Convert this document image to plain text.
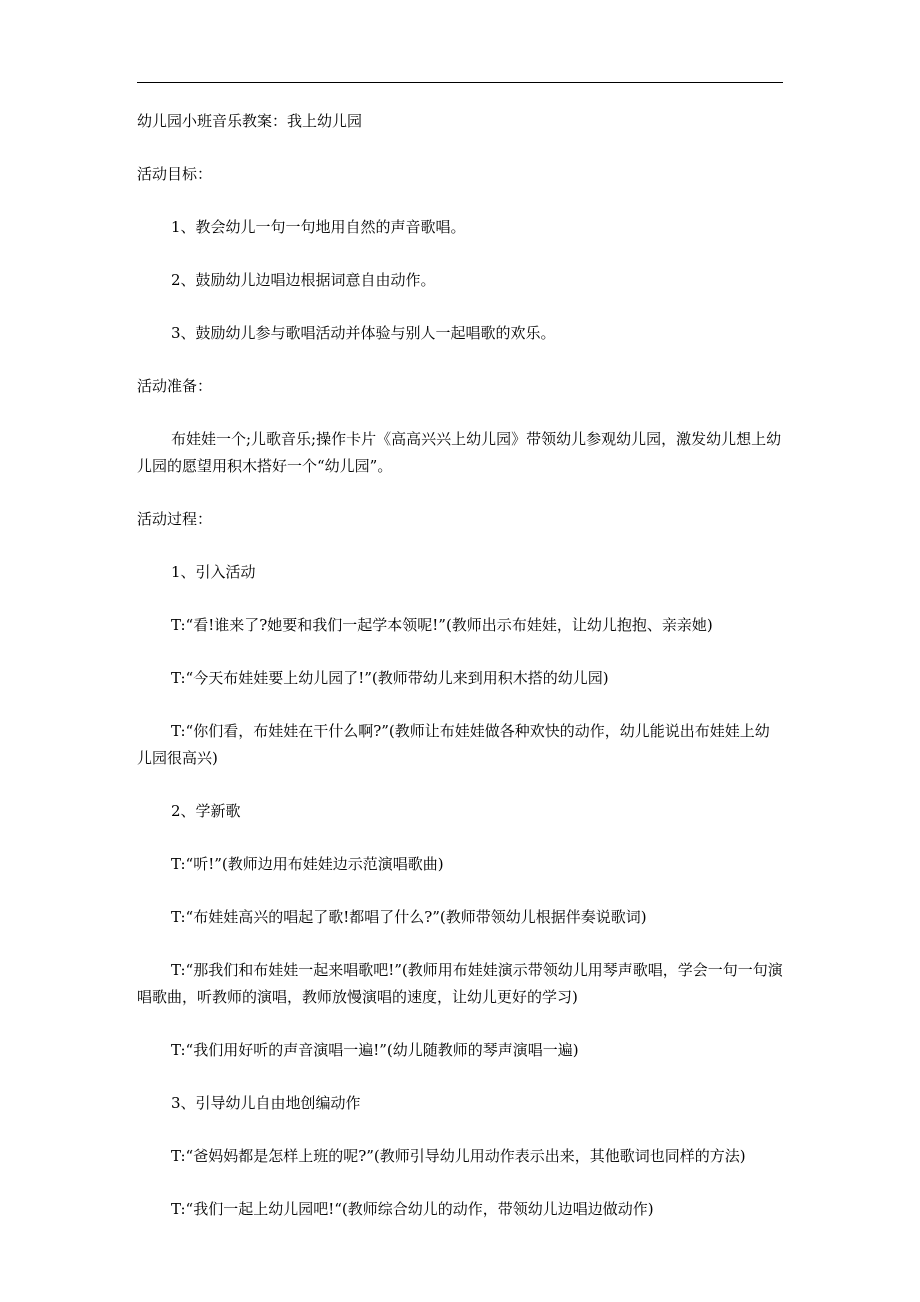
幼儿园小班音乐教案：我上幼儿园

活动目标：

1、教会幼儿一句一句地用自然的声音歌唱。

2、鼓励幼儿边唱边根据词意自由动作。

3、鼓励幼儿参与歌唱活动并体验与别人一起唱歌的欢乐。

活动准备：

布娃娃一个;儿歌音乐;操作卡片《高高兴兴上幼儿园》带领幼儿参观幼儿园，激发幼儿想上幼儿园的愿望用积木搭好一个“幼儿园”。

活动过程：

1、引入活动

T:“看!谁来了?她要和我们一起学本领呢!”(教师出示布娃娃，让幼儿抱抱、亲亲她)

T:“今天布娃娃要上幼儿园了!”(教师带幼儿来到用积木搭的幼儿园)

T:“你们看，布娃娃在干什么啊?”(教师让布娃娃做各种欢快的动作，幼儿能说出布娃娃上幼儿园很高兴)

2、学新歌

T:“听!”(教师边用布娃娃边示范演唱歌曲)

T:“布娃娃高兴的唱起了歌!都唱了什么?”(教师带领幼儿根据伴奏说歌词)

T:“那我们和布娃娃一起来唱歌吧!”(教师用布娃娃演示带领幼儿用琴声歌唱，学会一句一句演唱歌曲，听教师的演唱，教师放慢演唱的速度，让幼儿更好的学习)

T:“我们用好听的声音演唱一遍!”(幼儿随教师的琴声演唱一遍)

3、引导幼儿自由地创编动作

T:“爸妈妈都是怎样上班的呢?”(教师引导幼儿用动作表示出来，其他歌词也同样的方法)

T:“我们一起上幼儿园吧!“(教师综合幼儿的动作，带领幼儿边唱边做动作)
